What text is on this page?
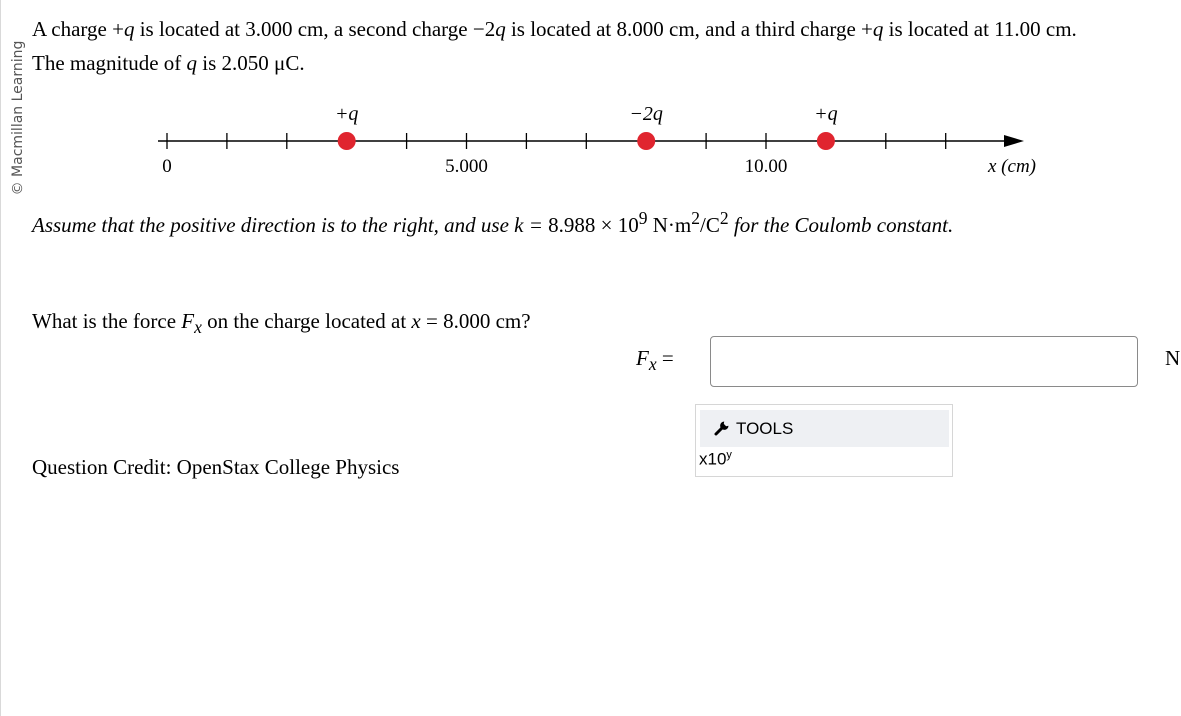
© Macmillan Learning
A charge +q is located at 3.000 cm, a second charge −2q is located at 8.000 cm, and a third charge +q is located at 11.00 cm.
The magnitude of q is 2.050 μC.
0	5.000	10.00
+q	−2q	+q
x (cm)
Assume that the positive direction is to the right, and use $k = 8.988 \times 10^9$ $N\cdot m^2/C^2$ for the Coulomb constant.
What is the force $F_x$ on the charge located at x = 8.000 cm?
$F_x$ =	N
TOOLS
x10$^y$
Question Credit: OpenStax College Physics
